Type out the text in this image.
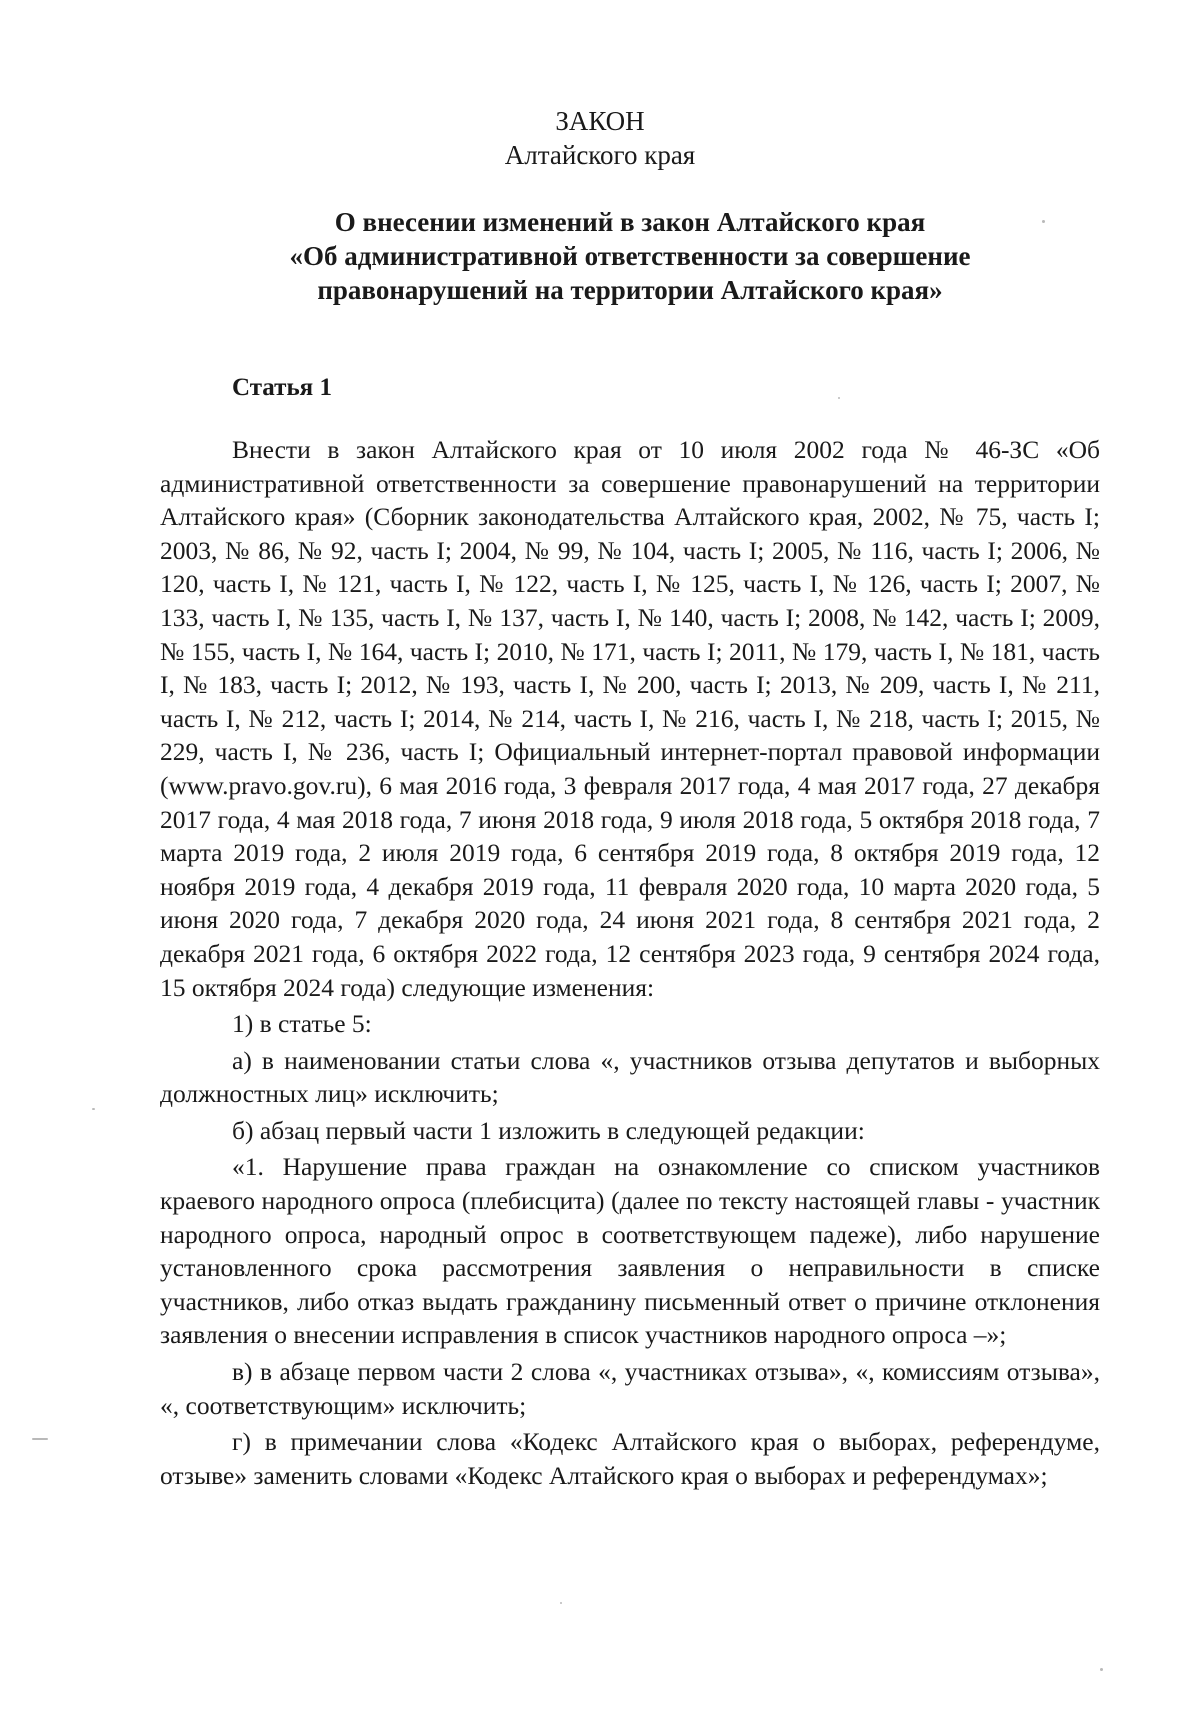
ЗАКОН

Алтайского края

О внесении изменений в закон Алтайского края
«Об административной ответственности за совершение
правонарушений на территории Алтайского края»
Статья 1

Внести в закон Алтайского края от 10 июля 2002 года № 46-ЗС «Об административной ответственности за совершение правонарушений на территории Алтайского края» (Сборник законодательства Алтайского края, 2002, № 75, часть I; 2003, № 86, № 92, часть I; 2004, № 99, № 104, часть I; 2005, № 116, часть I; 2006, № 120, часть I, № 121, часть I, № 122, часть I, № 125, часть I, № 126, часть I; 2007, № 133, часть I, № 135, часть I, № 137, часть I, № 140, часть I; 2008, № 142, часть I; 2009, № 155, часть I, № 164, часть I; 2010, № 171, часть I; 2011, № 179, часть I, № 181, часть I, № 183, часть I; 2012, № 193, часть I, № 200, часть I; 2013, № 209, часть I, № 211, часть I, № 212, часть I; 2014, № 214, часть I, № 216, часть I, № 218, часть I; 2015, № 229, часть I, № 236, часть I; Официальный интернет-портал правовой информации (www.pravo.gov.ru), 6 мая 2016 года, 3 февраля 2017 года, 4 мая 2017 года, 27 декабря 2017 года, 4 мая 2018 года, 7 июня 2018 года, 9 июля 2018 года, 5 октября 2018 года, 7 марта 2019 года, 2 июля 2019 года, 6 сентября 2019 года, 8 октября 2019 года, 12 ноября 2019 года, 4 декабря 2019 года, 11 февраля 2020 года, 10 марта 2020 года, 5 июня 2020 года, 7 декабря 2020 года, 24 июня 2021 года, 8 сентября 2021 года, 2 декабря 2021 года, 6 октября 2022 года, 12 сентября 2023 года, 9 сентября 2024 года, 15 октября 2024 года) следующие изменения:

1) в статье 5:

а) в наименовании статьи слова «, участников отзыва депутатов и выборных должностных лиц» исключить;

б) абзац первый части 1 изложить в следующей редакции:

«1. Нарушение права граждан на ознакомление со списком участников краевого народного опроса (плебисцита) (далее по тексту настоящей главы - участник народного опроса, народный опрос в соответствующем падеже), либо нарушение установленного срока рассмотрения заявления о неправильности в списке участников, либо отказ выдать гражданину письменный ответ о причине отклонения заявления о внесении исправления в список участников народного опроса –»;

в) в абзаце первом части 2 слова «, участниках отзыва», «, комиссиям отзыва», «, соответствующим» исключить;

г) в примечании слова «Кодекс Алтайского края о выборах, референдуме, отзыве» заменить словами «Кодекс Алтайского края о выборах и референдумах»;
